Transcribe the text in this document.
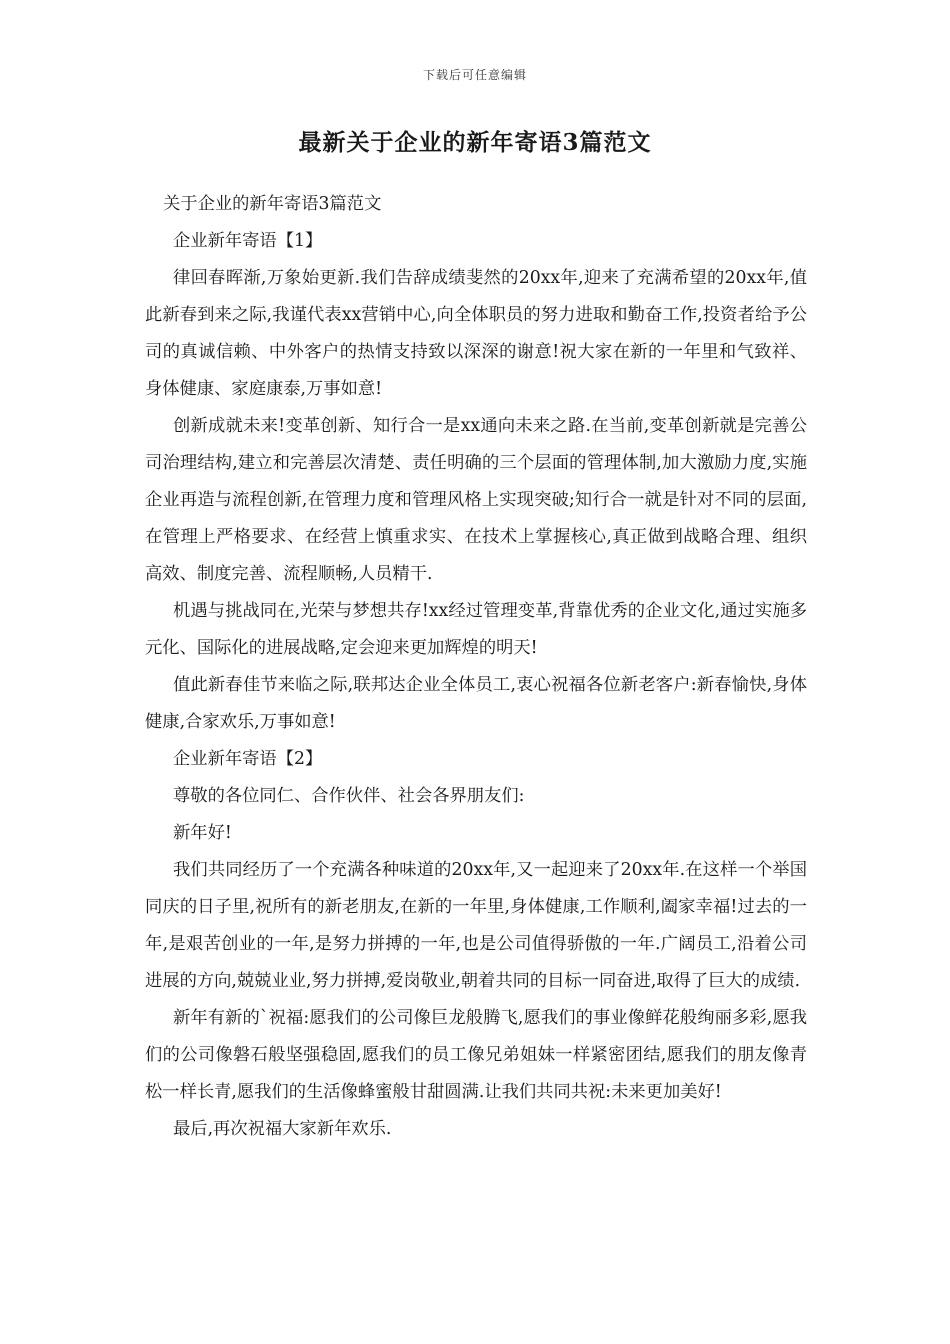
下载后可任意编辑
最新关于企业的新年寄语3篇范文

关于企业的新年寄语3篇范文

企业新年寄语【1】

律回春晖渐,万象始更新.我们告辞成绩斐然的20xx年,迎来了充满希望的20xx年,值此新春到来之际,我谨代表xx营销中心,向全体职员的努力进取和勤奋工作,投资者给予公司的真诚信赖、中外客户的热情支持致以深深的谢意!祝大家在新的一年里和气致祥、身体健康、家庭康泰,万事如意!

创新成就未来!变革创新、知行合一是xx通向未来之路.在当前,变革创新就是完善公司治理结构,建立和完善层次清楚、责任明确的三个层面的管理体制,加大激励力度,实施企业再造与流程创新,在管理力度和管理风格上实现突破;知行合一就是针对不同的层面,在管理上严格要求、在经营上慎重求实、在技术上掌握核心,真正做到战略合理、组织高效、制度完善、流程顺畅,人员精干.

机遇与挑战同在,光荣与梦想共存!xx经过管理变革,背靠优秀的企业文化,通过实施多元化、国际化的进展战略,定会迎来更加辉煌的明天!

值此新春佳节来临之际,联邦达企业全体员工,衷心祝福各位新老客户:新春愉快,身体健康,合家欢乐,万事如意!

企业新年寄语【2】

尊敬的各位同仁、合作伙伴、社会各界朋友们:

新年好!

我们共同经历了一个充满各种味道的20xx年,又一起迎来了20xx年.在这样一个举国同庆的日子里,祝所有的新老朋友,在新的一年里,身体健康,工作顺利,阖家幸福!过去的一年,是艰苦创业的一年,是努力拼搏的一年,也是公司值得骄傲的一年.广阔员工,沿着公司进展的方向,兢兢业业,努力拼搏,爱岗敬业,朝着共同的目标一同奋进,取得了巨大的成绩.

新年有新的`祝福:愿我们的公司像巨龙般腾飞,愿我们的事业像鲜花般绚丽多彩,愿我们的公司像磐石般坚强稳固,愿我们的员工像兄弟姐妹一样紧密团结,愿我们的朋友像青松一样长青,愿我们的生活像蜂蜜般甘甜圆满.让我们共同共祝:未来更加美好!

最后,再次祝福大家新年欢乐.
